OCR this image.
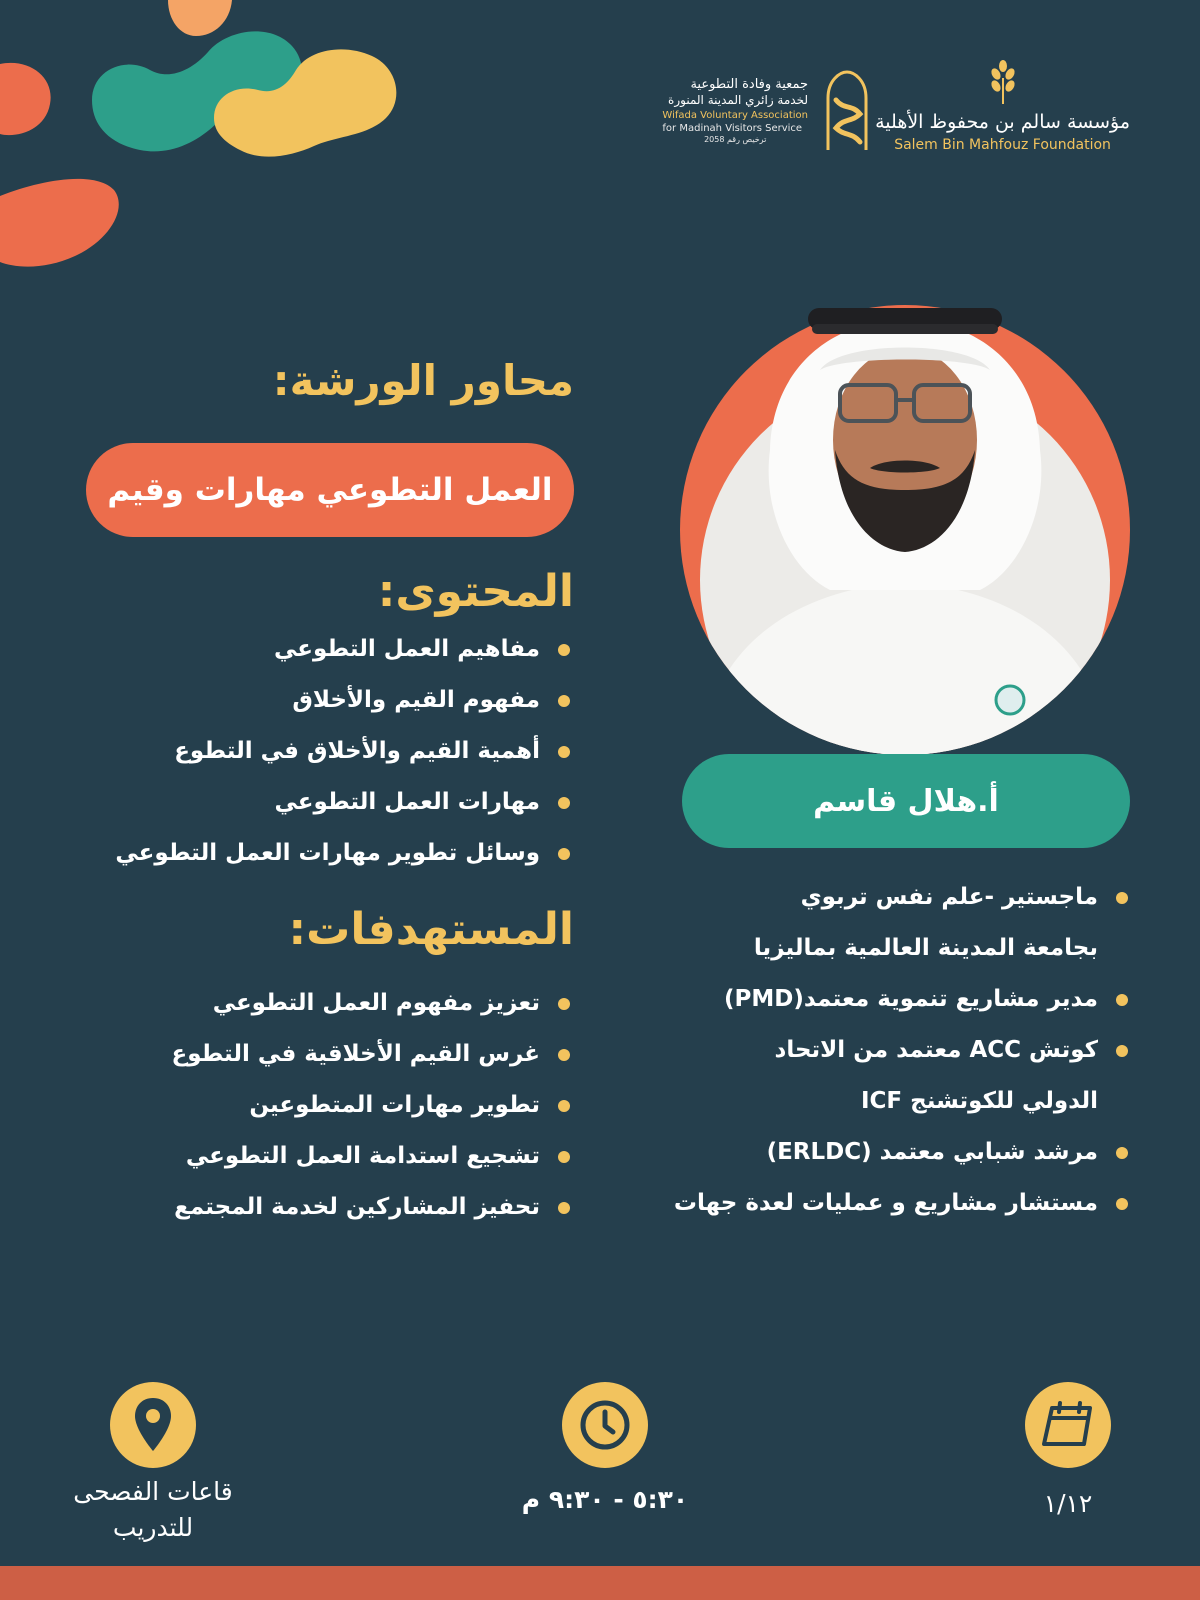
مؤسسة سالم بن محفوظ الأهلية
Salem Bin Mahfouz Foundation
جمعية وفادة التطوعية
لخدمة زائري المدينة المنورة
Wifada Voluntary Association
for Madinah Visitors Service
ترخيص رقم 2058
أ.هلال قاسم
ماجستير -علم نفس تربوي
بجامعة المدينة العالمية بماليزيا
مدير مشاريع تنموية معتمد(PMD)
كوتش ACC معتمد من الاتحاد
الدولي للكوتشنج ICF
مرشد شبابي معتمد (ERLDC)
مستشار مشاريع و عمليات لعدة جهات
محاور الورشة:
العمل التطوعي مهارات وقيم
المحتوى:
مفاهيم العمل التطوعي
مفهوم القيم والأخلاق
أهمية القيم والأخلاق في التطوع
مهارات العمل التطوعي
وسائل تطوير مهارات العمل التطوعي
المستهدفات:
تعزيز مفهوم العمل التطوعي
غرس القيم الأخلاقية في التطوع
تطوير مهارات المتطوعين
تشجيع استدامة العمل التطوعي
تحفيز المشاركين لخدمة المجتمع
١/١٢
٥:٣٠ - ٩:٣٠ م
قاعات الفصحى
للتدريب
